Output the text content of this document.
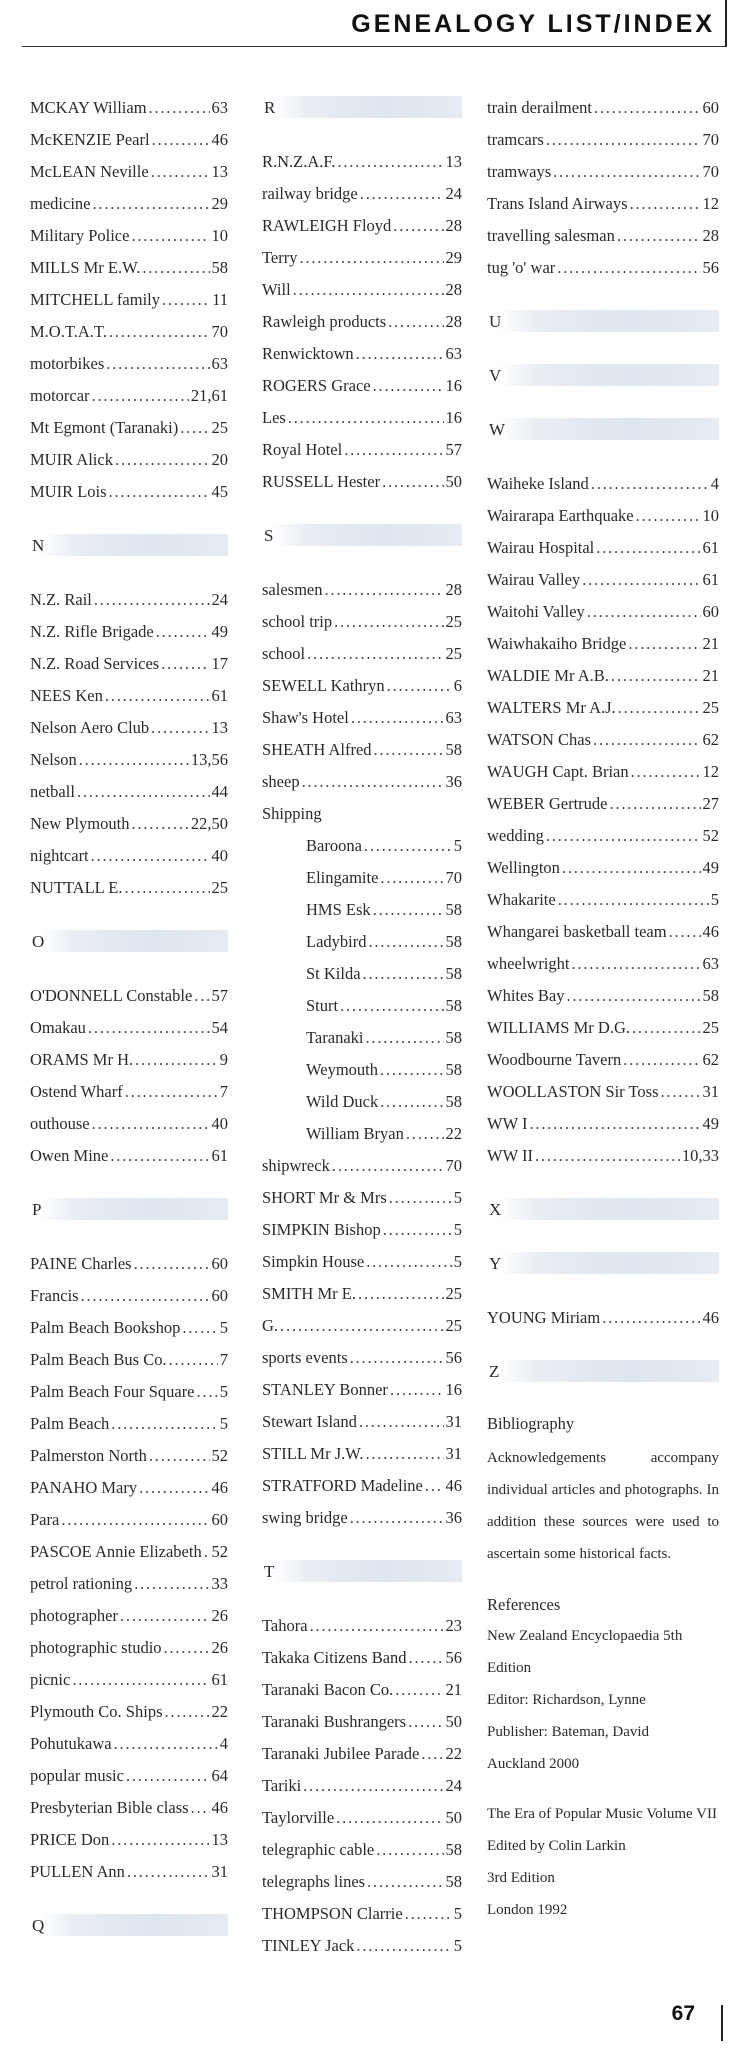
GENEALOGY LIST/INDEX
MCKAY William .....	63
McKENZIE Pearl .....	46
McLEAN Neville .....	13
medicine .....	29
Military Police .....	10
MILLS Mr E.W. .....	58
MITCHELL family .....	11
M.O.T.A.T. .....	70
motorbikes .....	63
motorcar .....	21,61
Mt Egmont (Taranaki) ..... 25
MUIR Alick .....	20
MUIR Lois .....	45
N
N.Z. Rail .....	24
N.Z. Rifle Brigade .....	49
N.Z. Road Services .....	17
NEES Ken .....	61
Nelson Aero Club .....	13
Nelson .....	13,56
netball .....	44
New Plymouth .....	22,50
nightcart .....	40
NUTTALL E. .....	25
O
O'DONNELL Constable ..... 57
Omakau .....	54
ORAMS Mr H. .....	9
Ostend Wharf .....	7
outhouse .....	40
Owen Mine .....	61
P
PAINE Charles .....	60
Francis .....	60
Palm Beach Bookshop ..... 5
Palm Beach Bus Co. .....	7
Palm Beach Four Square ..... 5
Palm Beach .....	5
Palmerston North .....	52
PANAHO Mary .....	46
Para .....	60
PASCOE Annie Elizabeth ..... 52
petrol rationing .....	33
photographer .....	26
photographic studio .....	26
picnic .....	61
Plymouth Co. Ships .....	22
Pohutukawa .....	4
popular music .....	64
Presbyterian Bible class ..... 46
PRICE Don .....	13
PULLEN Ann .....	31
Q
R
R.N.Z.A.F. .....	13
railway bridge .....	24
RAWLEIGH Floyd .....	28
Terry .....	29
Will .....	28
Rawleigh products .....	28
Renwicktown .....	63
ROGERS Grace .....	16
Les .....	16
Royal Hotel .....	57
RUSSELL Hester .....	50
S
salesmen .....	28
school trip .....	25
school .....	25
SEWELL Kathryn .....	6
Shaw's Hotel .....	63
SHEATH Alfred .....	58
sheep .....	36
Shipping
Baroona .....	5
Elingamite .....	70
HMS Esk .....	58
Ladybird .....	58
St Kilda .....	58
Sturt .....	58
Taranaki .....	58
Weymouth .....	58
Wild Duck .....	58
William Bryan .....	22
shipwreck .....	70
SHORT Mr & Mrs .....	5
SIMPKIN Bishop .....	5
Simpkin House .....	5
SMITH Mr E. .....	25
G. .....	25
sports events .....	56
STANLEY Bonner .....	16
Stewart Island .....	31
STILL Mr J.W. .....	31
STRATFORD Madeline ..... 46
swing bridge .....	36
T
Tahora .....	23
Takaka Citizens Band ..... 56
Taranaki Bacon Co. .....	21
Taranaki Bushrangers ..... 50
Taranaki Jubilee Parade ..... 22
Tariki .....	24
Taylorville .....	50
telegraphic cable .....	58
telegraphs lines .....	58
THOMPSON Clarrie .....	5
TINLEY Jack .....	5
train derailment .....	60
tramcars .....	70
tramways .....	70
Trans Island Airways .....	12
travelling salesman .....	28
tug 'o' war .....	56
U
V
W
Waiheke Island .....	4
Wairarapa Earthquake .....	10
Wairau Hospital .....	61
Wairau Valley .....	61
Waitohi Valley .....	60
Waiwhakaiho Bridge .....	21
WALDIE Mr A.B. .....	21
WALTERS Mr A.J. .....	25
WATSON Chas .....	62
WAUGH Capt. Brian .....	12
WEBER Gertrude .....	27
wedding .....	52
Wellington .....	49
Whakarite .....	5
Whangarei basketball team ..... 46
wheelwright .....	63
Whites Bay .....	58
WILLIAMS Mr D.G. .....	25
Woodbourne Tavern .....	62
WOOLLASTON Sir Toss .....	31
WW I .....	49
WW II .....	10,33
X
Y
YOUNG Miriam .....	46
Z
Bibliography

Acknowledgements accompany individual articles and photographs. In addition these sources were used to ascertain some historical facts.

References

New Zealand Encyclopaedia 5th Edition

Editor: Richardson, Lynne

Publisher: Bateman, David

Auckland 2000

The Era of Popular Music Volume VII

Edited by Colin Larkin

3rd Edition

London 1992

67
